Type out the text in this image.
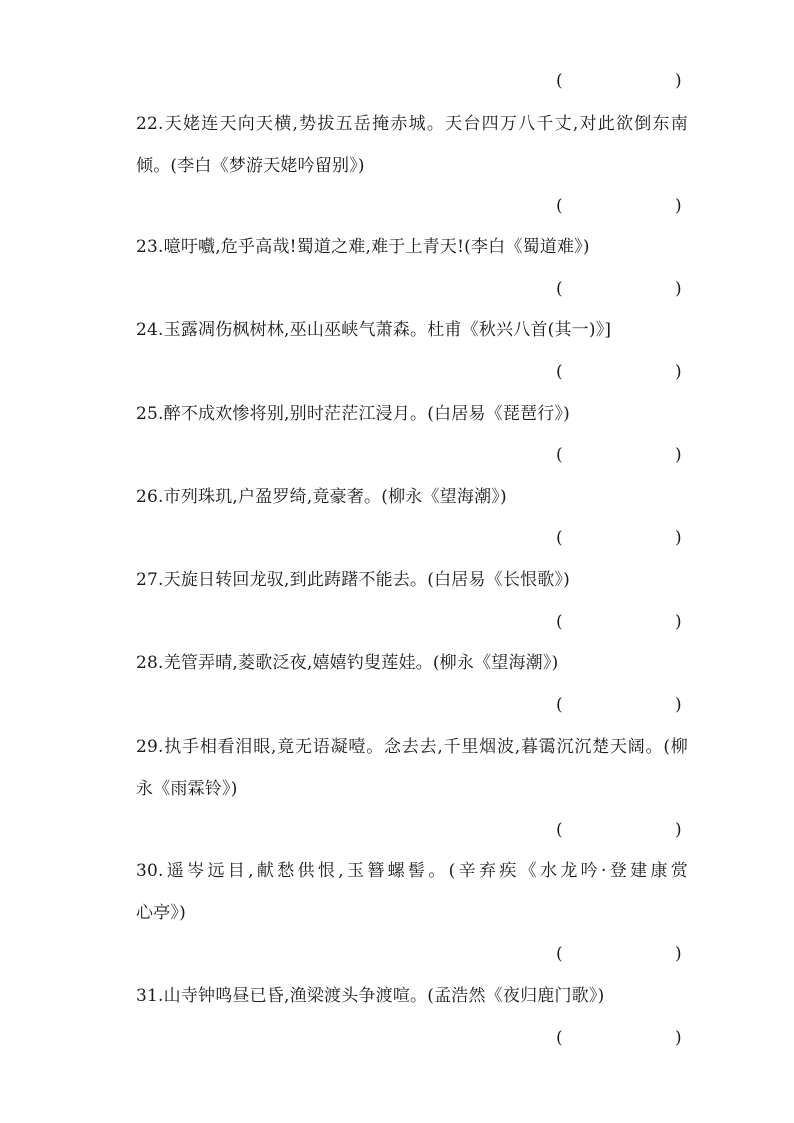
(	)
22.天姥连天向天横,势拔五岳掩赤城。天台四万八千丈,对此欲倒东南
倾。(李白《梦游天姥吟留别》)
(	)
23.噫吁嚱,危乎高哉!蜀道之难,难于上青天!(李白《蜀道难》)
(	)
24.玉露凋伤枫树林,巫山巫峡气萧森。杜甫《秋兴八首(其一)》]
(	)
25.醉不成欢惨将别,别时茫茫江浸月。(白居易《琵琶行》)
(	)
26.市列珠玑,户盈罗绮,竟豪奢。(柳永《望海潮》)
(	)
27.天旋日转回龙驭,到此踌躇不能去。(白居易《长恨歌》)
(	)
28.羌管弄晴,菱歌泛夜,嬉嬉钓叟莲娃。(柳永《望海潮》)
(	)
29.执手相看泪眼,竟无语凝噎。念去去,千里烟波,暮霭沉沉楚天阔。(柳
永《雨霖铃》)
(	)
30.遥岑远目,献愁供恨,玉簪螺髻。(辛弃疾《水龙吟·登建康赏
心亭》)
(	)
31.山寺钟鸣昼已昏,渔梁渡头争渡喧。(孟浩然《夜归鹿门歌》)
(	)
